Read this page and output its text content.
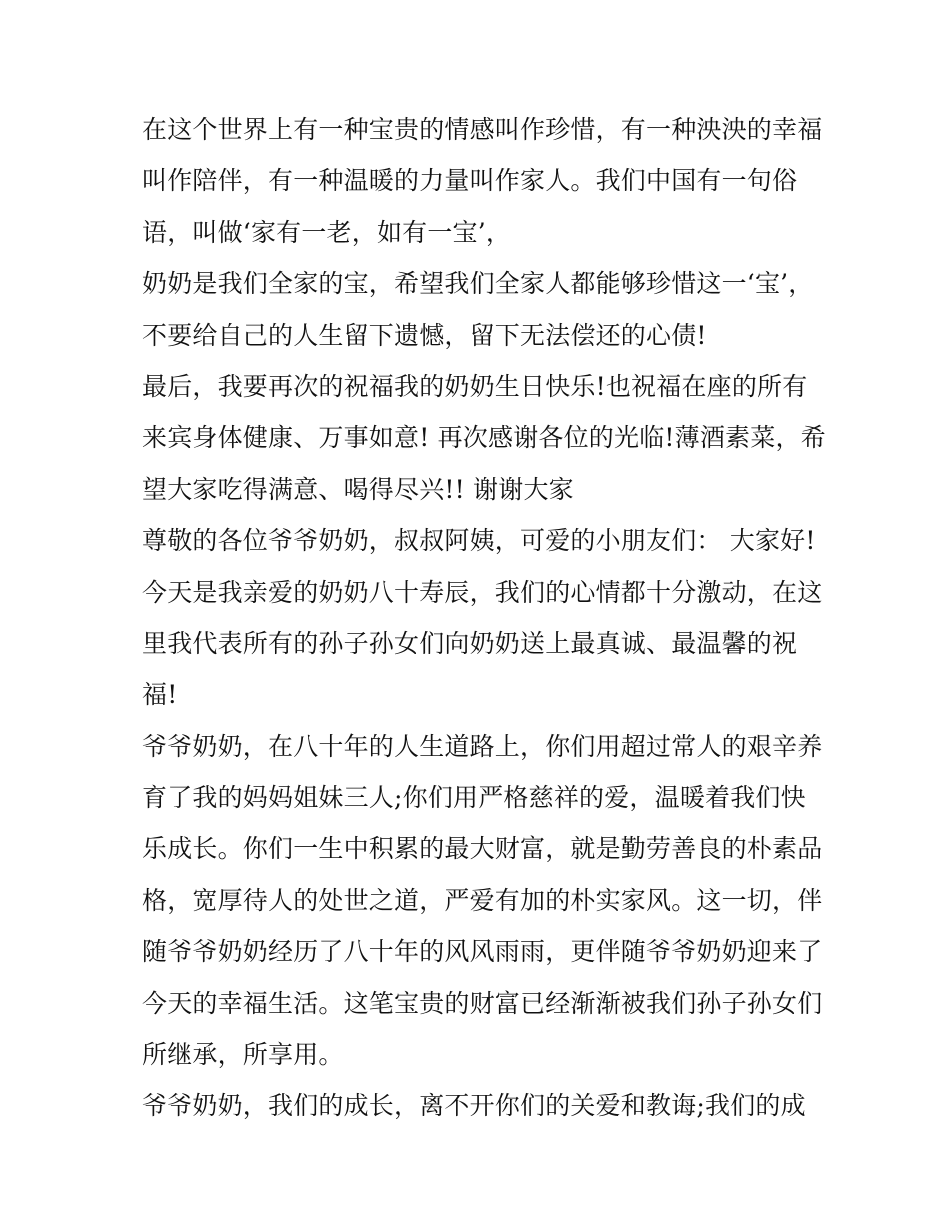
在这个世界上有一种宝贵的情感叫作珍惜，有一种泱泱的幸福
叫作陪伴，有一种温暖的力量叫作家人。我们中国有一句俗
语，叫做‘家有一老，如有一宝’，
奶奶是我们全家的宝，希望我们全家人都能够珍惜这一‘宝’，
不要给自己的人生留下遗憾，留下无法偿还的心债!
最后，我要再次的祝福我的奶奶生日快乐!也祝福在座的所有
来宾身体健康、万事如意! 再次感谢各位的光临!薄酒素菜，希
望大家吃得满意、喝得尽兴!! 谢谢大家
尊敬的各位爷爷奶奶，叔叔阿姨，可爱的小朋友们： 大家好!
今天是我亲爱的奶奶八十寿辰，我们的心情都十分激动，在这
里我代表所有的孙子孙女们向奶奶送上最真诚、最温馨的祝
福!
爷爷奶奶，在八十年的人生道路上，你们用超过常人的艰辛养
育了我的妈妈姐妹三人;你们用严格慈祥的爱，温暖着我们快
乐成长。你们一生中积累的最大财富，就是勤劳善良的朴素品
格，宽厚待人的处世之道，严爱有加的朴实家风。这一切，伴
随爷爷奶奶经历了八十年的风风雨雨，更伴随爷爷奶奶迎来了
今天的幸福生活。这笔宝贵的财富已经渐渐被我们孙子孙女们
所继承，所享用。
爷爷奶奶，我们的成长，离不开你们的关爱和教诲;我们的成
